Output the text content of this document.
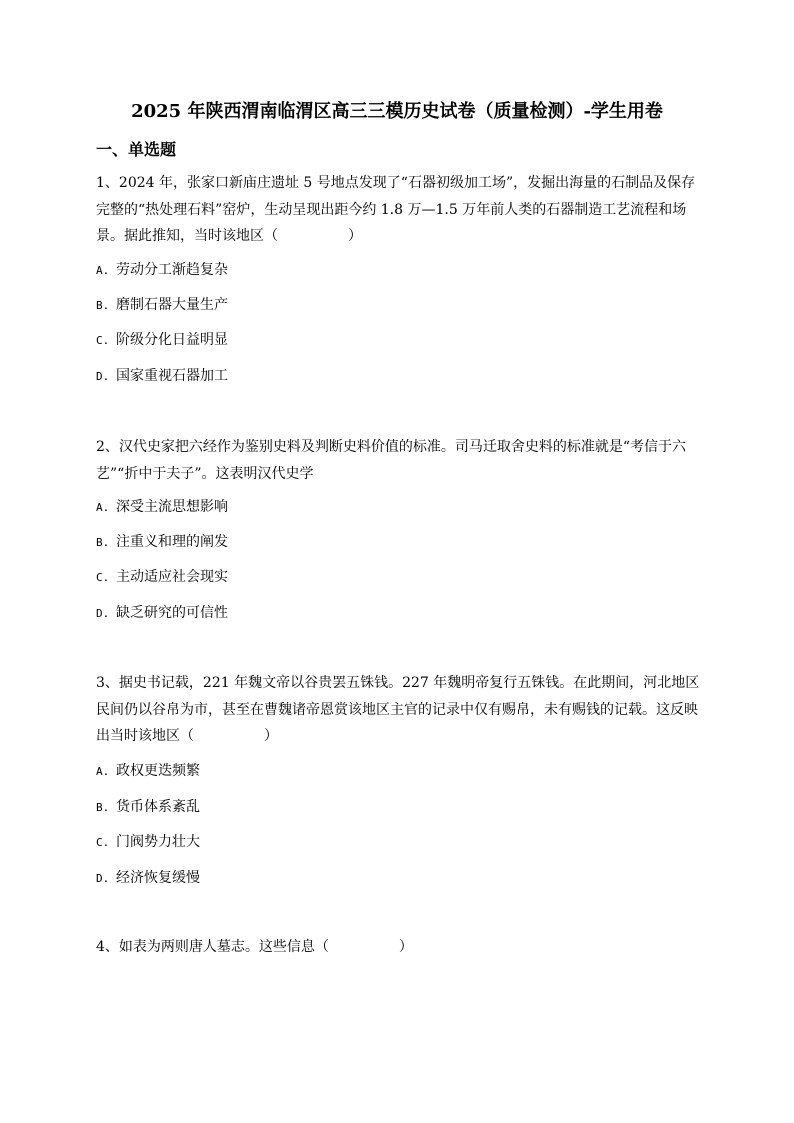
2025 年陕西渭南临渭区高三三模历史试卷（质量检测）-学生用卷
一、单选题
1、2024 年，张家口新庙庄遗址 5 号地点发现了“石器初级加工场”，发掘出海量的石制品及保存完整的“热处理石料”窑炉，生动呈现出距今约 1.8 万—1.5 万年前人类的石器制造工艺流程和场景。据此推知，当时该地区（	）
A. 劳动分工渐趋复杂
B. 磨制石器大量生产
C. 阶级分化日益明显
D. 国家重视石器加工
2、汉代史家把六经作为鉴别史料及判断史料价值的标准。司马迁取舍史料的标准就是“考信于六艺”“折中于夫子”。这表明汉代史学
A. 深受主流思想影响
B. 注重义和理的阐发
C. 主动适应社会现实
D. 缺乏研究的可信性
3、据史书记载，221 年魏文帝以谷贵罢五铢钱。227 年魏明帝复行五铢钱。在此期间，河北地区民间仍以谷帛为市，甚至在曹魏诸帝恩赏该地区主官的记录中仅有赐帛，未有赐钱的记载。这反映出当时该地区（	）
A. 政权更迭频繁
B. 货币体系紊乱
C. 门阀势力壮大
D. 经济恢复缓慢
4、如表为两则唐人墓志。这些信息（	）
